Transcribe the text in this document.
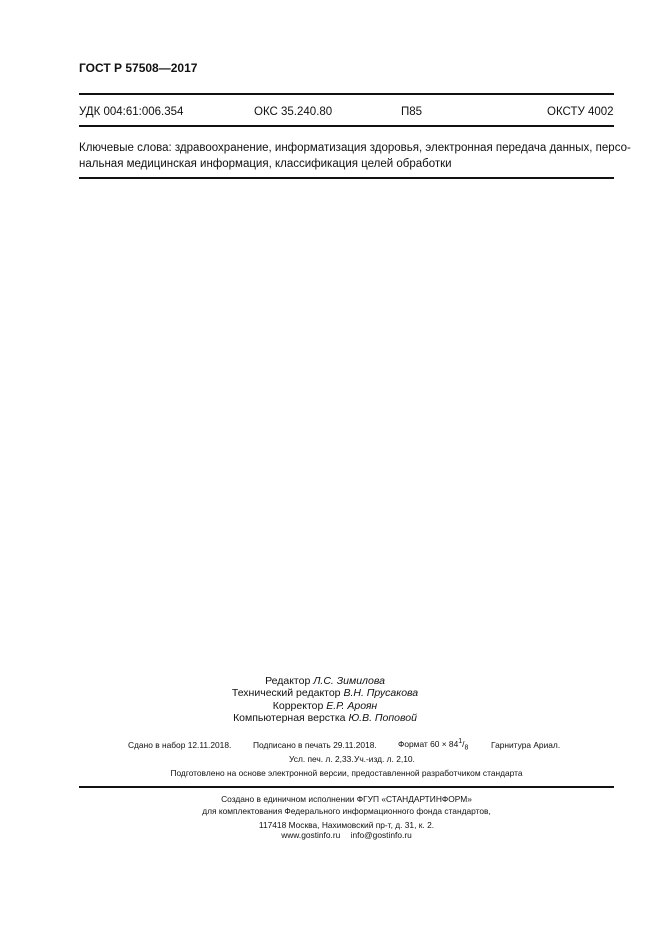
ГОСТ Р 57508—2017
УДК 004:61:006.354	ОКС 35.240.80	П85	ОКСТУ 4002
Ключевые слова: здравоохранение, информатизация здоровья, электронная передача данных, персо-
нальная медицинская информация, классификация целей обработки
Редактор Л.С. Зимилова
Технический редактор В.Н. Прусакова
Корректор Е.Р. Ароян
Компьютерная верстка Ю.В. Поповой
Сдано в набор 12.11.2018.	Подписано в печать 29.11.2018.	Формат $60 \times 84^1/_8$	Гарнитура Ариал.
Усл. печ. л. 2,33. Уч.-изд. л. 2,10.
Подготовлено на основе электронной версии, предоставленной разработчиком стандарта
Создано в единичном исполнении ФГУП «СТАНДАРТИНФОРМ»
для комплектования Федерального информационного фонда стандартов,
117418 Москва, Нахимовский пр-т, д. 31, к. 2.
www.gostinfo.ru info@gostinfo.ru
